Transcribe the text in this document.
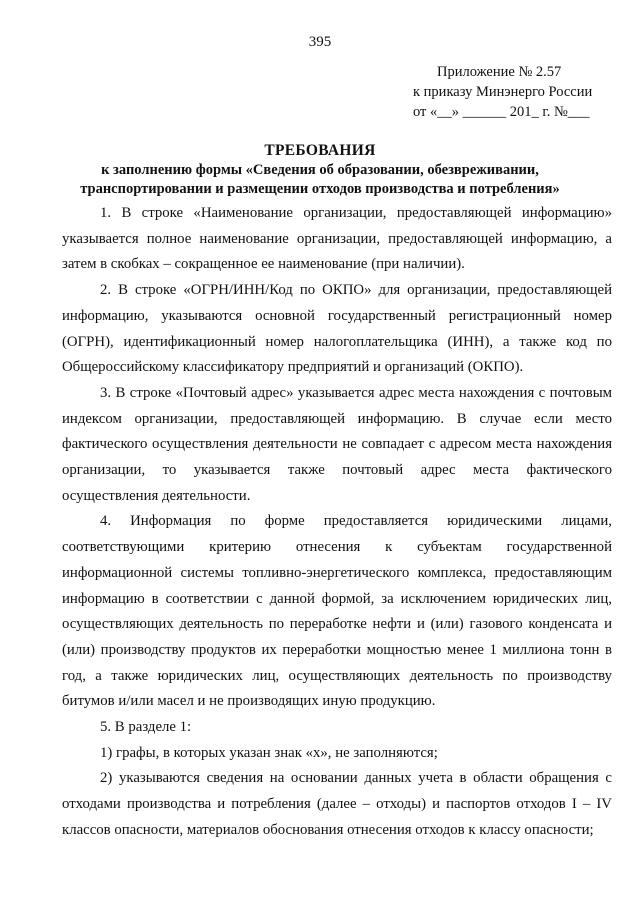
395
Приложение № 2.57
к приказу Минэнерго России
от «__» ______ 201_ г. №___
ТРЕБОВАНИЯ
к заполнению формы «Сведения об образовании, обезвреживании,
транспортировании и размещении отходов производства и потребления»

1. В строке «Наименование организации, предоставляющей информацию» указывается полное наименование организации, предоставляющей информацию, а затем в скобках – сокращенное ее наименование (при наличии).

2. В строке «ОГРН/ИНН/Код по ОКПО» для организации, предоставляющей информацию, указываются основной государственный регистрационный номер (ОГРН), идентификационный номер налогоплательщика (ИНН), а также код по Общероссийскому классификатору предприятий и организаций (ОКПО).

3. В строке «Почтовый адрес» указывается адрес места нахождения с почтовым индексом организации, предоставляющей информацию. В случае если место фактического осуществления деятельности не совпадает с адресом места нахождения организации, то указывается также почтовый адрес места фактического осуществления деятельности.

4. Информация по форме предоставляется юридическими лицами, соответствующими критерию отнесения к субъектам государственной информационной системы топливно-энергетического комплекса, предоставляющим информацию в соответствии с данной формой, за исключением юридических лиц, осуществляющих деятельность по переработке нефти и (или) газового конденсата и (или) производству продуктов их переработки мощностью менее 1 миллиона тонн в год, а также юридических лиц, осуществляющих деятельность по производству битумов и/или масел и не производящих иную продукцию.

5. В разделе 1:

1) графы, в которых указан знак «x», не заполняются;

2) указываются сведения на основании данных учета в области обращения с отходами производства и потребления (далее – отходы) и паспортов отходов I – IV классов опасности, материалов обоснования отнесения отходов к классу опасности;
